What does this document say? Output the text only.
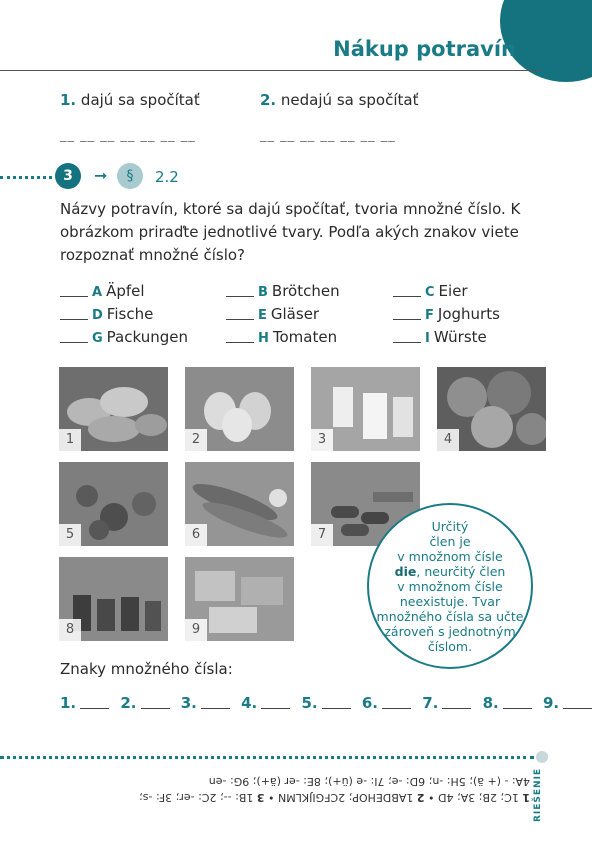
Nákup potravín
1. dajú sa spočítať	2. nedajú sa spočítať
__ __ __ __ __ __ __	__ __ __ __ __ __ __
3	➞	§	2.2
Názvy potravín, ktoré sa dajú spočítať, tvoria množné číslo. K obrázkom priraďte jednotlivé tvary. Podľa akých znakov viete rozpoznať množné číslo?
A Äpfel	B Brötchen	C Eier
D Fische	E Gläser	F Joghurts
G Packungen	H Tomaten	I Würste
1	2	3	4
5	6	7
8	9
Určitý
člen je
v množnom čísle
die, neurčitý člen
v množnom čísle
neexistuje. Tvar
množného čísla sa učte
zároveň s jednotným
číslom.
Znaky množného čísla:
1.	2.	3.	4.	5.	6.	7.	8.	9.
1 1C; 2B; 3A; 4D • 2 1ABDEHOP; 2CFGIJKLMN • 3 1B: --; 2C: -er; 3F: -s;
4A: - (+ ä); 5H: -n; 6D: -e; 7I: -e (ü+); 8E: -er (ä+); 9G: -en RIEŠENIE
